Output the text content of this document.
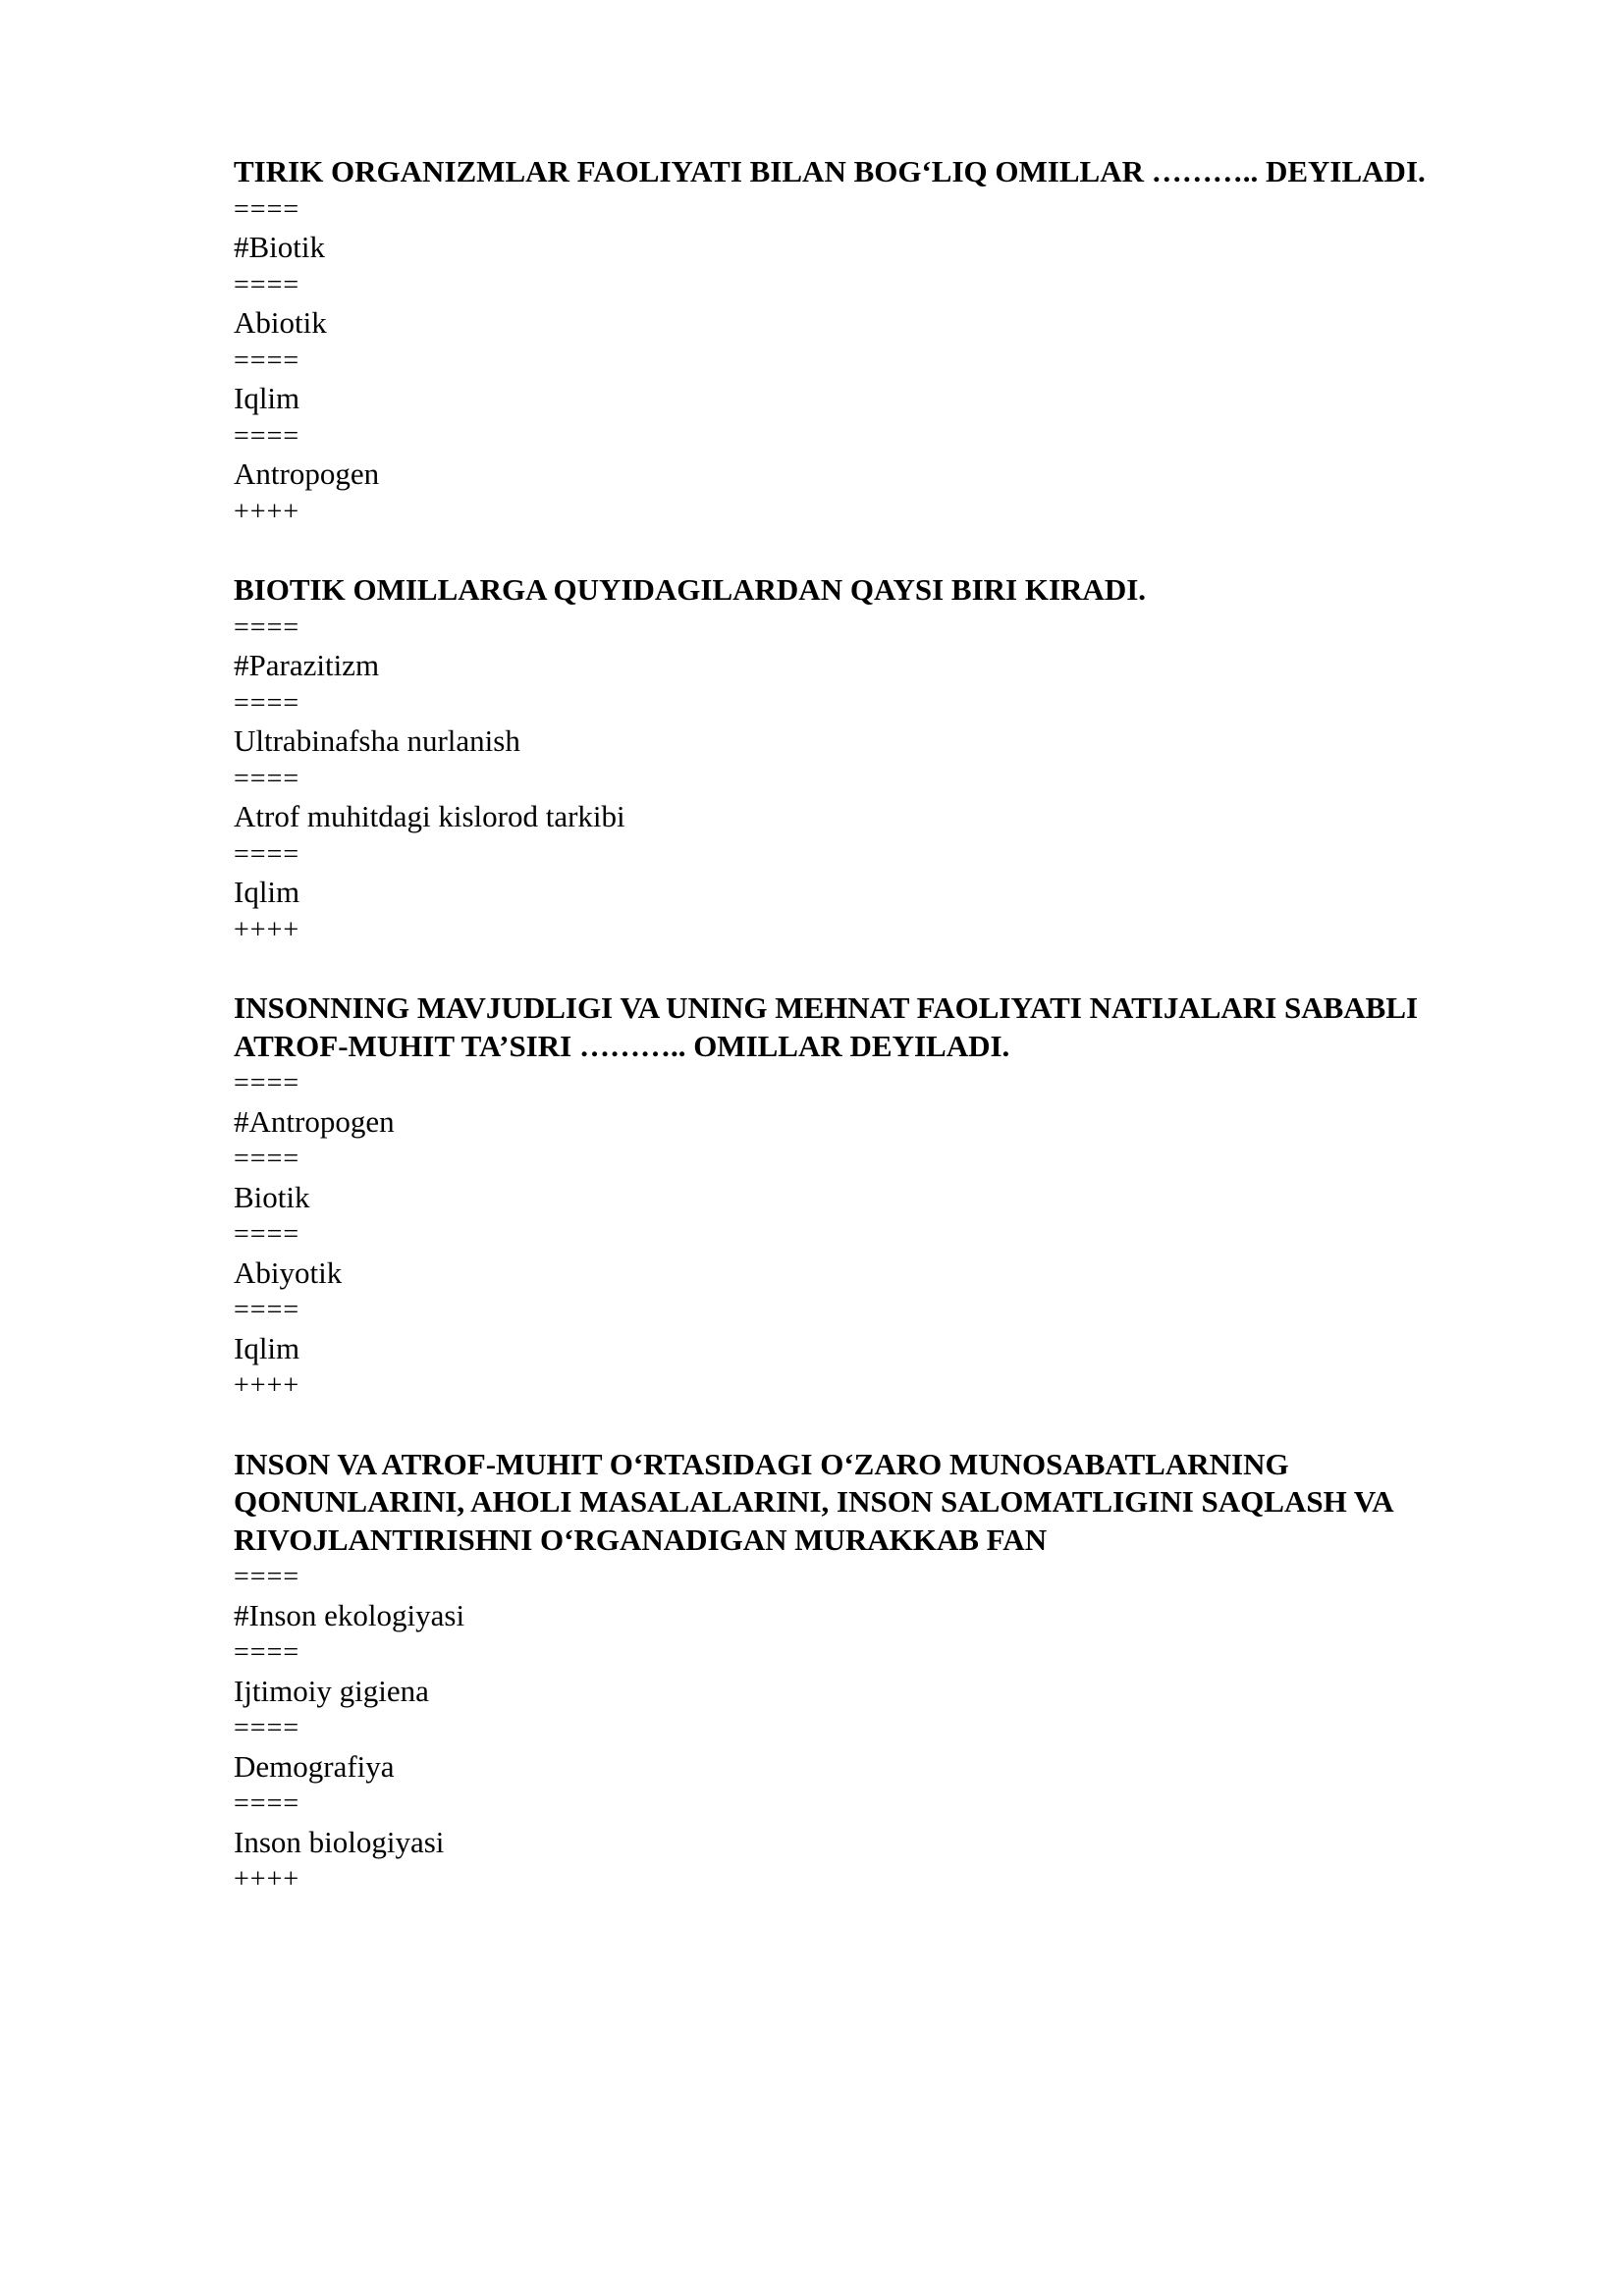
TIRIK ORGANIZMLAR FAOLIYATI BILAN BOG‘LIQ OMILLAR ……….. DEYILADI.

====
#Biotik
====
Abiotik
====
Iqlim
====
Antropogen
++++

BIOTIK OMILLARGA QUYIDAGILARDAN QAYSI BIRI KIRADI.

====
#Parazitizm
====
Ultrabinafsha nurlanish
====
Atrof muhitdagi kislorod tarkibi
====
Iqlim
++++

INSONNING MAVJUDLIGI VA UNING MEHNAT FAOLIYATI NATIJALARI SABABLI ATROF-MUHIT TA’SIRI ……….. OMILLAR DEYILADI.

====
#Antropogen
====
Biotik
====
Abiyotik
====
Iqlim
++++

INSON VA ATROF-MUHIT O‘RTASIDAGI O‘ZARO MUNOSABATLARNING QONUNLARINI, AHOLI MASALALARINI, INSON SALOMATLIGINI SAQLASH VA RIVOJLANTIRISHNI O‘RGANADIGAN MURAKKAB FAN

====
#Inson ekologiyasi
====
Ijtimoiy gigiena
====
Demografiya
====
Inson biologiyasi
++++
